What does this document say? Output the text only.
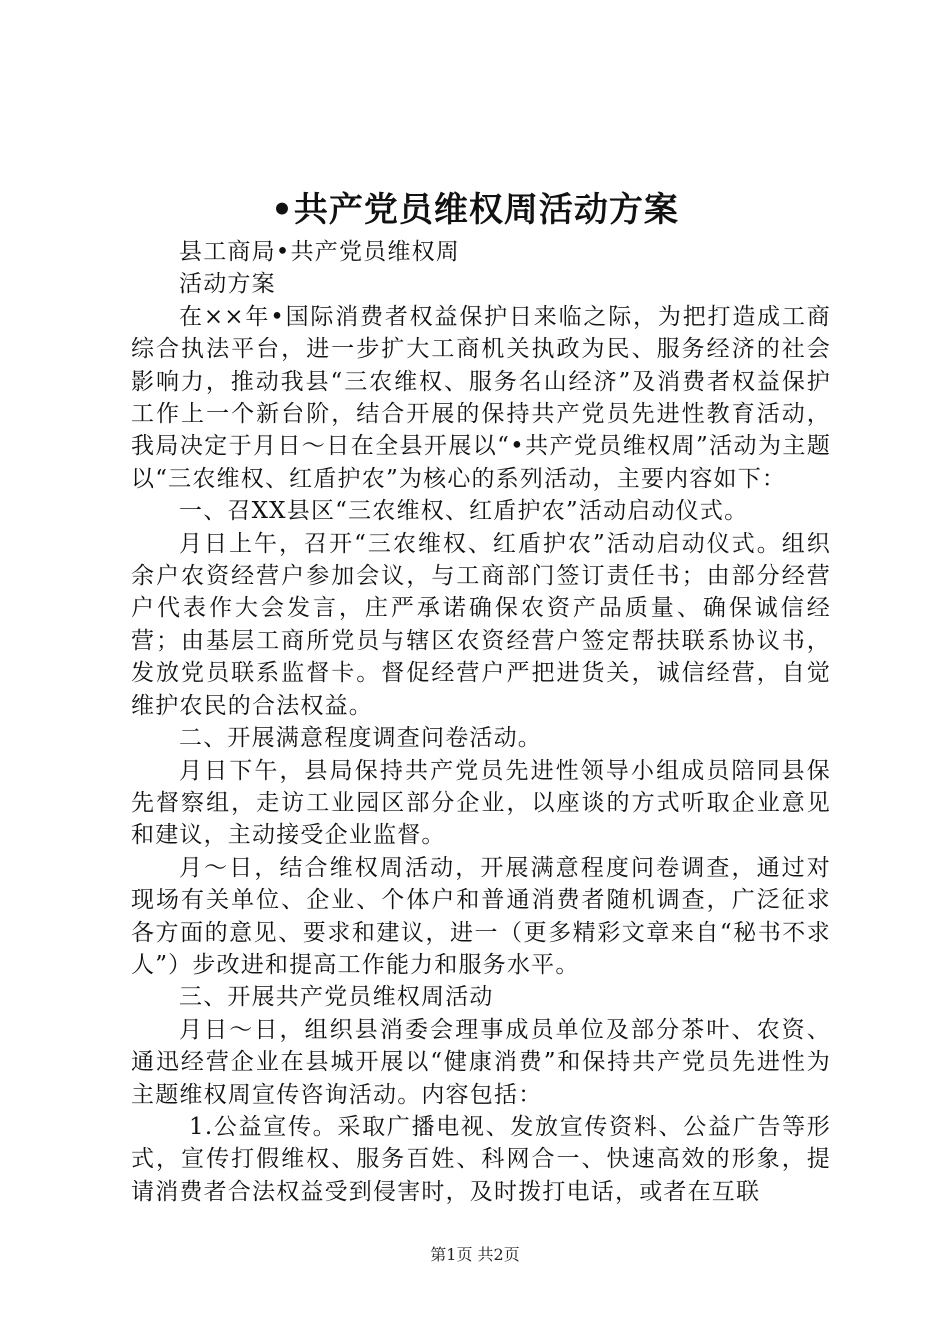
•共产党员维权周活动方案

县工商局•共产党员维权周

活动方案

在××年•国际消费者权益保护日来临之际，为把打造成工商综合执法平台，进一步扩大工商机关执政为民、服务经济的社会影响力，推动我县“三农维权、服务名山经济”及消费者权益保护工作上一个新台阶，结合开展的保持共产党员先进性教育活动，我局决定于月日～日在全县开展以“•共产党员维权周”活动为主题以“三农维权、红盾护农”为核心的系列活动，主要内容如下：

一、召XX县区“三农维权、红盾护农”活动启动仪式。

月日上午，召开“三农维权、红盾护农”活动启动仪式。组织余户农资经营户参加会议，与工商部门签订责任书；由部分经营户代表作大会发言，庄严承诺确保农资产品质量、确保诚信经营；由基层工商所党员与辖区农资经营户签定帮扶联系协议书，发放党员联系监督卡。督促经营户严把进货关，诚信经营，自觉维护农民的合法权益。

二、开展满意程度调查问卷活动。

月日下午，县局保持共产党员先进性领导小组成员陪同县保先督察组，走访工业园区部分企业，以座谈的方式听取企业意见和建议，主动接受企业监督。

月～日，结合维权周活动，开展满意程度问卷调查，通过对现场有关单位、企业、个体户和普通消费者随机调查，广泛征求各方面的意见、要求和建议，进一（更多精彩文章来自“秘书不求人”）步改进和提高工作能力和服务水平。

三、开展共产党员维权周活动

月日～日，组织县消委会理事成员单位及部分茶叶、农资、通迅经营企业在县城开展以“健康消费”和保持共产党员先进性为主题维权周宣传咨询活动。内容包括：

1.公益宣传。采取广播电视、发放宣传资料、公益广告等形式，宣传打假维权、服务百姓、科网合一、快速高效的形象，提请消费者合法权益受到侵害时，及时拨打电话，或者在互联

第1页 共2页
